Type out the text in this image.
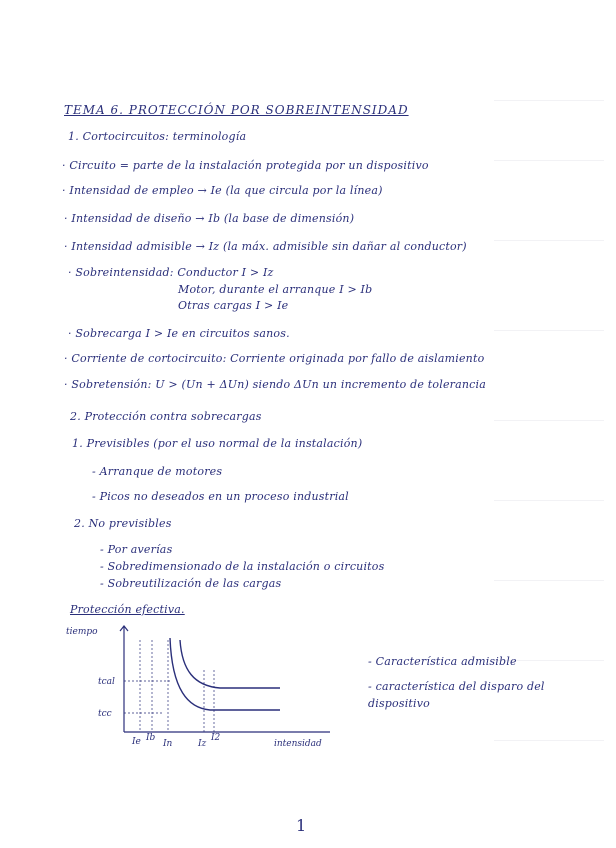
TEMA 6. PROTECCIÓN POR SOBREINTENSIDAD
1. Cortocircuitos: terminología
· Circuito = parte de la instalación protegida por un dispositivo
· Intensidad de empleo → Ie (la que circula por la línea)
· Intensidad de diseño → Ib (la base de dimensión)
· Intensidad admisible → Iz (la máx. admisible sin dañar al conductor)
· Sobreintensidad: Conductor I > Iz
Motor, durante el arranque I > Ib
Otras cargas I > Ie
· Sobrecarga I > Ie en circuitos sanos.
· Corriente de cortocircuito: Corriente originada por fallo de aislamiento
· Sobretensión: U > (Un + ΔUn) siendo ΔUn un incremento de tolerancia
2. Protección contra sobrecargas
1. Previsibles (por el uso normal de la instalación)
- Arranque de motores
- Picos no deseados en un proceso industrial
2. No previsibles
- Por averías
- Sobredimensionado de la instalación o circuitos
- Sobreutilización de las cargas
Protección efectiva.
tiempo
tcal
tcc
Ie Ib
In	Iz
I2
intensidad
- Característica admisible
- característica del disparo del dispositivo
1
